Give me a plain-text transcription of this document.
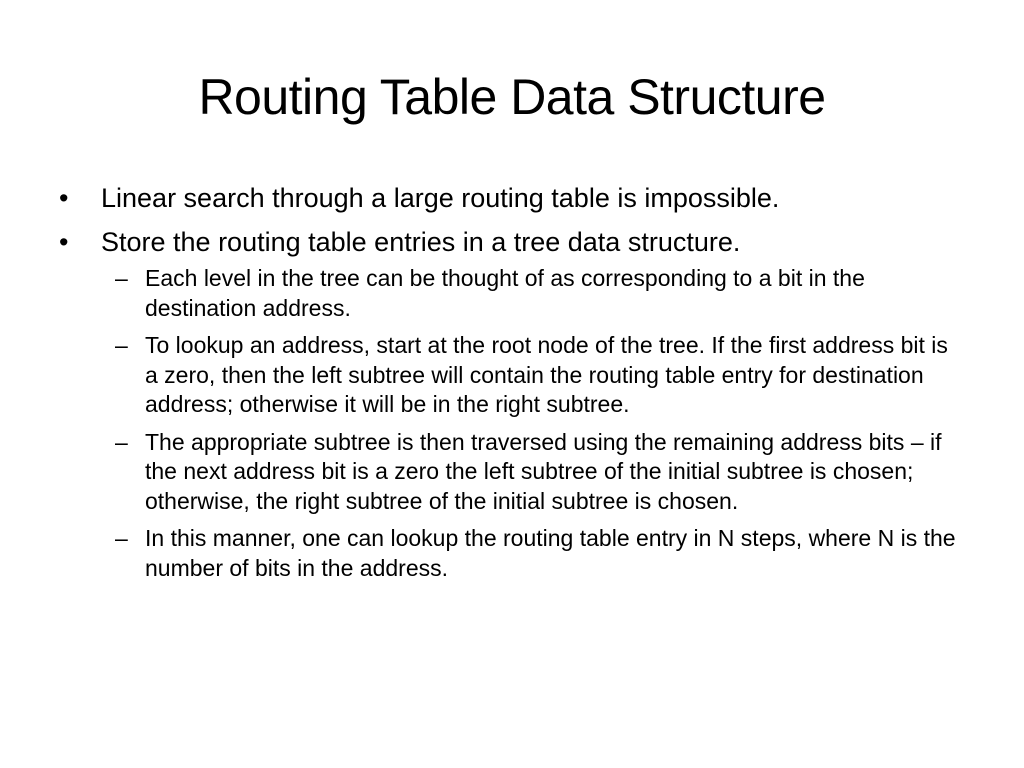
Routing Table Data Structure
• Linear search through a large routing table is impossible.
• Store the routing table entries in a tree data structure.
– Each level in the tree can be thought of as corresponding to a bit in the destination address.
– To lookup an address, start at the root node of the tree. If the first address bit is a zero, then the left subtree will contain the routing table entry for destination address; otherwise it will be in the right subtree.
– The appropriate subtree is then traversed using the remaining address bits – if the next address bit is a zero the left subtree of the initial subtree is chosen; otherwise, the right subtree of the initial subtree is chosen.
– In this manner, one can lookup the routing table entry in N steps, where N is the number of bits in the address.
